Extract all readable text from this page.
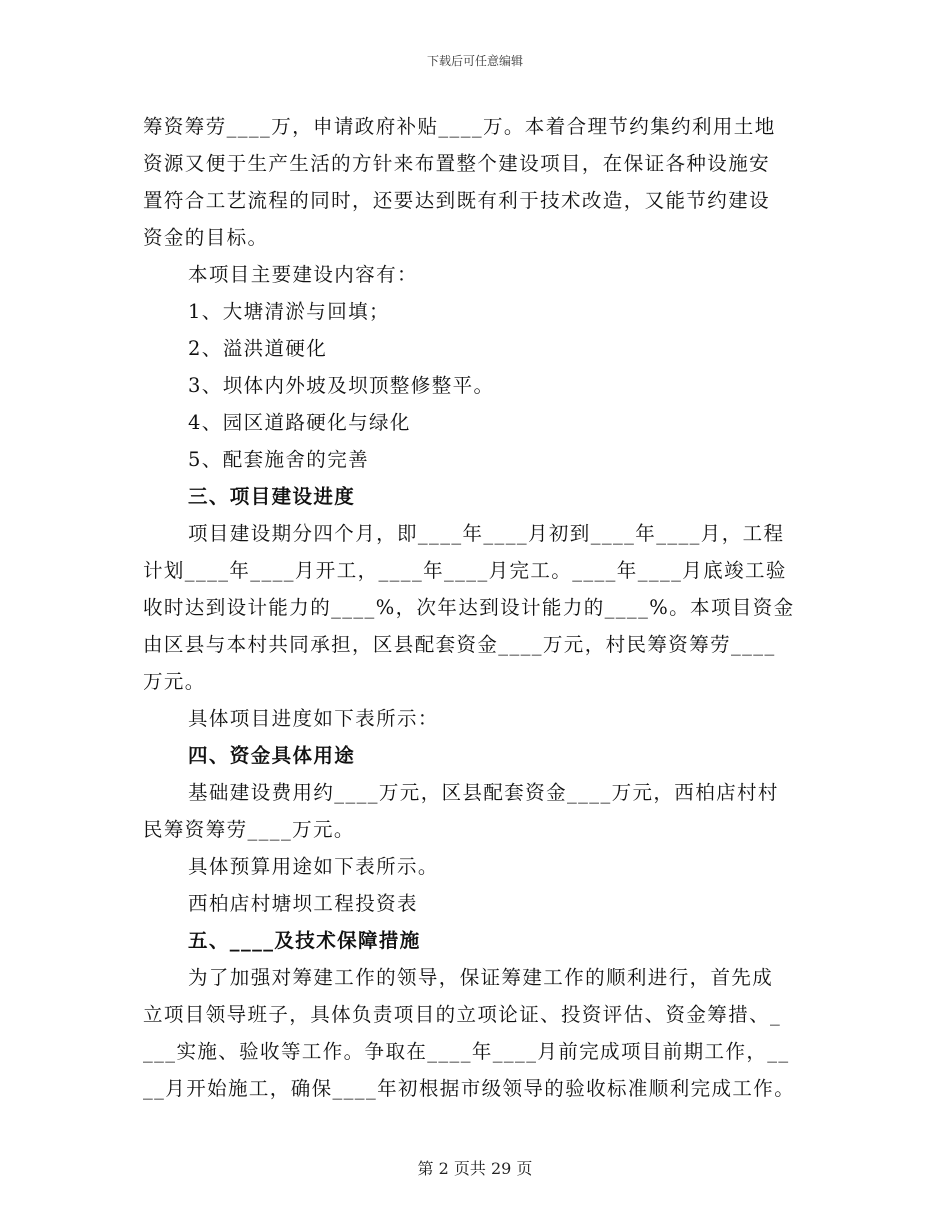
下载后可任意编辑
筹资筹劳____万，申请政府补贴____万。本着合理节约集约利用土地
资源又便于生产生活的方针来布置整个建设项目，在保证各种设施安
置符合工艺流程的同时，还要达到既有利于技术改造，又能节约建设
资金的目标。
本项目主要建设内容有：
1、大塘清淤与回填；
2、溢洪道硬化
3、坝体内外坡及坝顶整修整平。
4、园区道路硬化与绿化
5、配套施舍的完善
三、项目建设进度
项目建设期分四个月，即____年____月初到____年____月，工程
计划____年____月开工，____年____月完工。____年____月底竣工验
收时达到设计能力的____%，次年达到设计能力的____%。本项目资金
由区县与本村共同承担，区县配套资金____万元，村民筹资筹劳____
万元。
具体项目进度如下表所示：
四、资金具体用途
基础建设费用约____万元，区县配套资金____万元，西柏店村村
民筹资筹劳____万元。
具体预算用途如下表所示。
西柏店村塘坝工程投资表
五、____及技术保障措施
为了加强对筹建工作的领导，保证筹建工作的顺利进行，首先成
立项目领导班子，具体负责项目的立项论证、投资评估、资金筹措、_
___实施、验收等工作。争取在____年____月前完成项目前期工作，__
__月开始施工，确保____年初根据市级领导的验收标准顺利完成工作。
第 2 页共 29 页
